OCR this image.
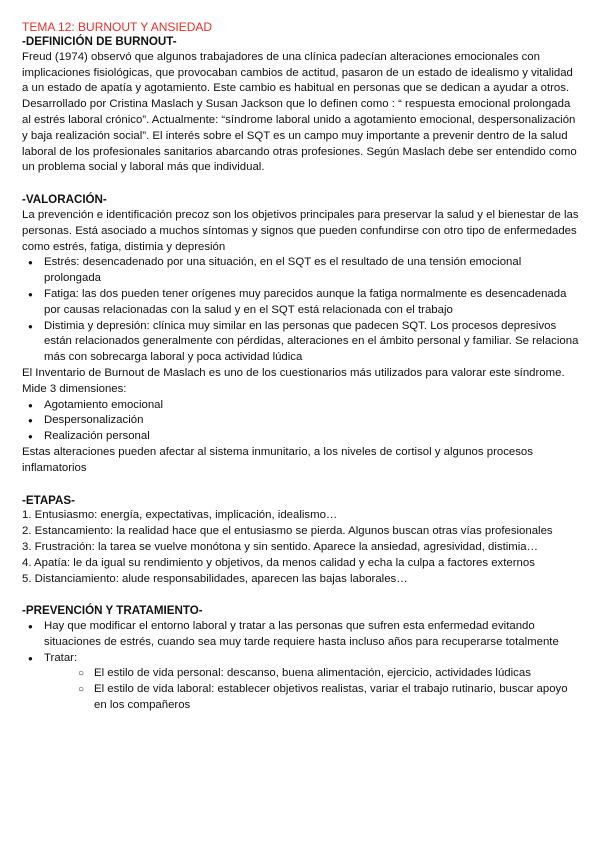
TEMA 12: BURNOUT Y ANSIEDAD
-DEFINICIÓN DE BURNOUT-

Freud (1974) observó que algunos trabajadores de una clínica padecían alteraciones emocionales con implicaciones fisiológicas, que provocaban cambios de actitud, pasaron de un estado de idealismo y vitalidad a un estado de apatía y agotamiento. Este cambio es habitual en personas que se dedican a ayudar a otros. Desarrollado por Cristina Maslach y Susan Jackson que lo definen como : “ respuesta emocional prolongada al estrés laboral crónico”. Actualmente: “síndrome laboral unido a agotamiento emocional, despersonalización y baja realización social”. El interés sobre el SQT es un campo muy importante a prevenir dentro de la salud laboral de los profesionales sanitarios abarcando otras profesiones. Según Maslach debe ser entendido como un problema social y laboral más que individual.

-VALORACIÓN-

La prevención e identificación precoz son los objetivos principales para preservar la salud y el bienestar de las personas. Está asociado a muchos síntomas y signos que pueden confundirse con otro tipo de enfermedades como estrés, fatiga, distimia y depresión

● Estrés: desencadenado por una situación, en el SQT es el resultado de una tensión emocional prolongada
● Fatiga: las dos pueden tener orígenes muy parecidos aunque la fatiga normalmente es desencadenada por causas relacionadas con la salud y en el SQT está relacionada con el trabajo
● Distimia y depresión: clínica muy similar en las personas que padecen SQT. Los procesos depresivos están relacionados generalmente con pérdidas, alteraciones en el ámbito personal y familiar. Se relaciona más con sobrecarga laboral y poca actividad lúdica

El Inventario de Burnout de Maslach es uno de los cuestionarios más utilizados para valorar este síndrome. Mide 3 dimensiones:

● Agotamiento emocional
● Despersonalización
● Realización personal

Estas alteraciones pueden afectar al sistema inmunitario, a los niveles de cortisol y algunos procesos inflamatorios

-ETAPAS-

1. Entusiasmo: energía, expectativas, implicación, idealismo…

2. Estancamiento: la realidad hace que el entusiasmo se pierda. Algunos buscan otras vías profesionales

3. Frustración: la tarea se vuelve monótona y sin sentido. Aparece la ansiedad, agresividad, distimia…

4. Apatía: le da igual su rendimiento y objetivos, da menos calidad y echa la culpa a factores externos

5. Distanciamiento: alude responsabilidades, aparecen las bajas laborales…

-PREVENCIÓN Y TRATAMIENTO-
● Hay que modificar el entorno laboral y tratar a las personas que sufren esta enfermedad evitando situaciones de estrés, cuando sea muy tarde requiere hasta incluso años para recuperarse totalmente
● Tratar:
○ El estilo de vida personal: descanso, buena alimentación, ejercicio, actividades lúdicas
○ El estilo de vida laboral: establecer objetivos realistas, variar el trabajo rutinario, buscar apoyo en los compañeros
